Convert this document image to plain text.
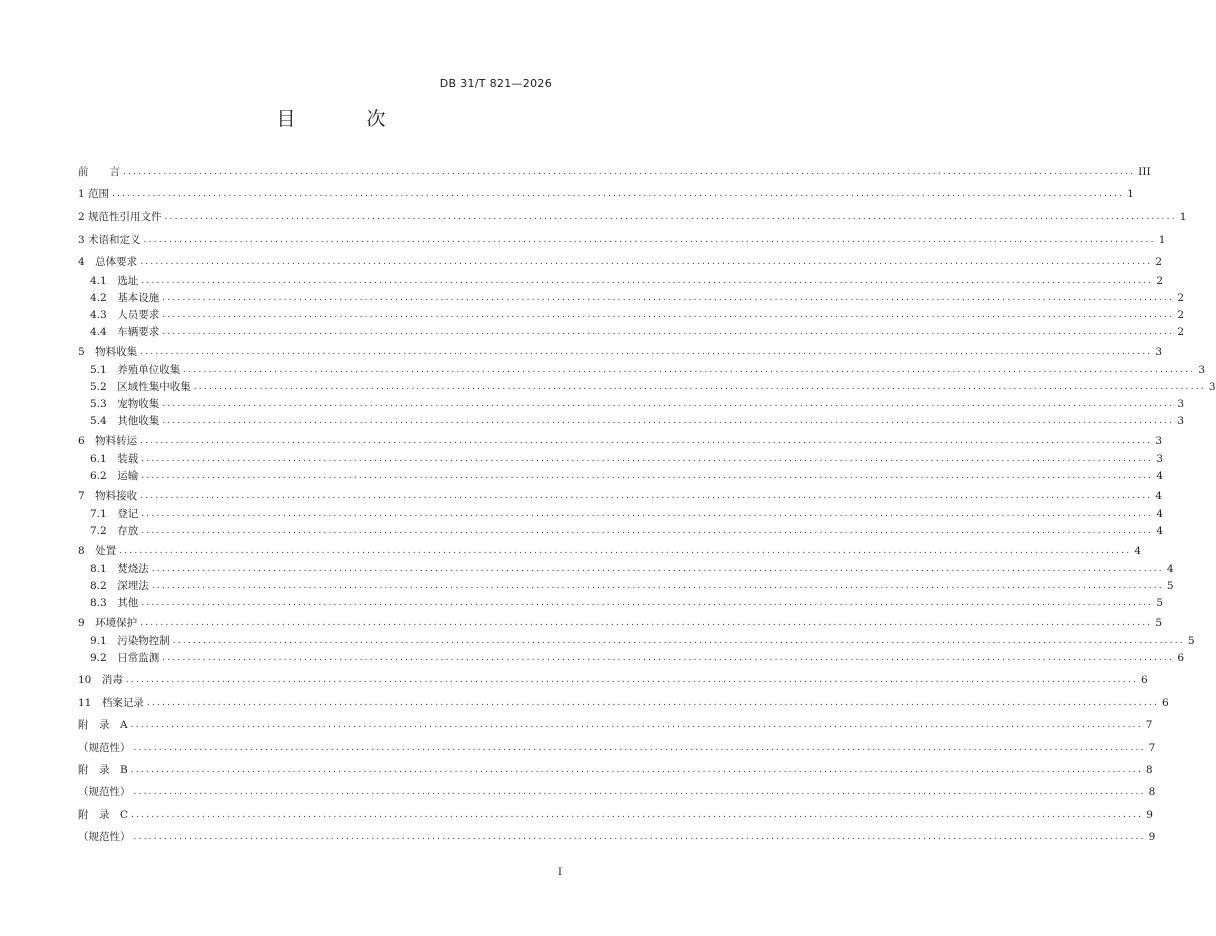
DB 31/T 821—2026
目　次
前　　言 ........................................................................................................................................................................................................ III
1 范围 ........................................................................................................................................................................................................ 1
2 规范性引用文件 ........................................................................................................................................................................................................ 1
3 术语和定义 ........................................................................................................................................................................................................ 1
4　总体要求 ........................................................................................................................................................................................................ 2
4.1　选址 ........................................................................................................................................................................................................ 2
4.2　基本设施 ........................................................................................................................................................................................................ 2
4.3　人员要求 ........................................................................................................................................................................................................ 2
4.4　车辆要求 ........................................................................................................................................................................................................ 2
5　物料收集 ........................................................................................................................................................................................................ 3
5.1　养殖单位收集 ........................................................................................................................................................................................................ 3
5.2　区域性集中收集 ........................................................................................................................................................................................................ 3
5.3　宠物收集 ........................................................................................................................................................................................................ 3
5.4　其他收集 ........................................................................................................................................................................................................ 3
6　物料转运 ........................................................................................................................................................................................................ 3
6.1　装载 ........................................................................................................................................................................................................ 3
6.2　运输 ........................................................................................................................................................................................................ 4
7　物料接收 ........................................................................................................................................................................................................ 4
7.1　登记 ........................................................................................................................................................................................................ 4
7.2　存放 ........................................................................................................................................................................................................ 4
8　处置 ........................................................................................................................................................................................................ 4
8.1　焚烧法 ........................................................................................................................................................................................................ 4
8.2　深埋法 ........................................................................................................................................................................................................ 5
8.3　其他 ........................................................................................................................................................................................................ 5
9　环境保护 ........................................................................................................................................................................................................ 5
9.1　污染物控制 ........................................................................................................................................................................................................ 5
9.2　日常监测 ........................................................................................................................................................................................................ 6
10　消毒 ........................................................................................................................................................................................................ 6
11　档案记录 ........................................................................................................................................................................................................ 6
附　录　A ........................................................................................................................................................................................................ 7
（规范性） ........................................................................................................................................................................................................ 7
附　录　B ........................................................................................................................................................................................................ 8
（规范性） ........................................................................................................................................................................................................ 8
附　录　C ........................................................................................................................................................................................................ 9
（规范性） ........................................................................................................................................................................................................ 9
I
